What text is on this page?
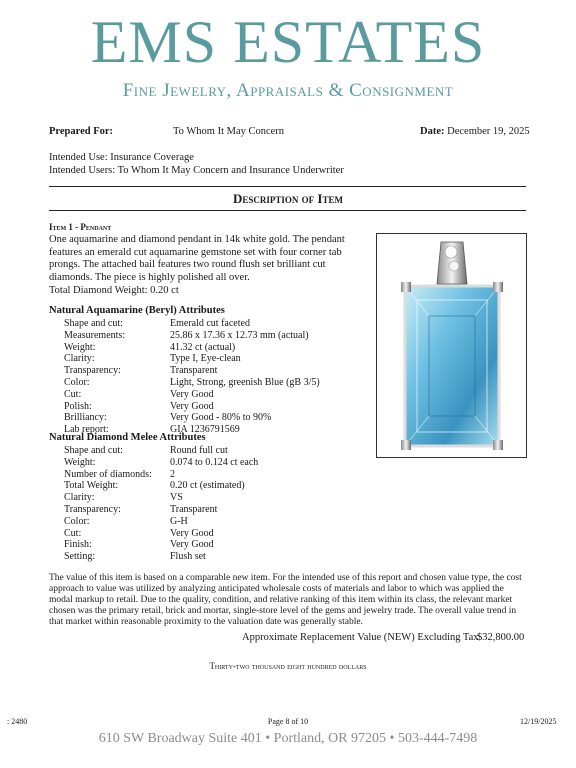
EMS ESTATES
Fine Jewelry, Appraisals & Consignment
Prepared For:	To Whom It May Concern	Date: December 19, 2025
Intended Use: Insurance Coverage
Intended Users: To Whom It May Concern and Insurance Underwriter
Description of Item
Item 1 - Pendant
One aquamarine and diamond pendant in 14k white gold. The pendant features an emerald cut aquamarine gemstone set with four corner tab prongs. The attached bail features two round flush set brilliant cut diamonds. The piece is highly polished all over.
Total Diamond Weight: 0.20 ct
Natural Aquamarine (Beryl) Attributes
Shape and cut:	Emerald cut faceted
Measurements:	25.86 x 17.36 x 12.73 mm (actual)
Weight:	41.32 ct (actual)
Clarity:	Type I, Eye-clean
Transparency:	Transparent
Color:	Light, Strong, greenish Blue (gB 3/5)
Cut:	Very Good
Polish:	Very Good
Brilliancy:	Very Good - 80% to 90%
Lab report:	GIA 1236791569
Natural Diamond Melee Attributes
Shape and cut:	Round full cut
Weight:	0.074 to 0.124 ct each
Number of diamonds: 2
Total Weight:	0.20 ct (estimated)
Clarity:	VS
Transparency:	Transparent
Color:	G-H
Cut:	Very Good
Finish:	Very Good
Setting:	Flush set
The value of this item is based on a comparable new item. For the intended use of this report and chosen value type, the cost approach to value was utilized by analyzing anticipated wholesale costs of materials and labor to which was applied the modal markup to retail. Due to the quality, condition, and relative ranking of this item within its class, the relevant market chosen was the primary retail, brick and mortar, single-store level of the gems and jewelry trade. The overall value trend in that market within reasonable proximity to the valuation date was generally stable.
Approximate Replacement Value (NEW) Excluding Tax
$32,800.00
Thirty-two thousand eight hundred dollars
: 2480	Page 8 of 10	12/19/2025
610 SW Broadway Suite 401 • Portland, OR 97205 • 503-444-7498
